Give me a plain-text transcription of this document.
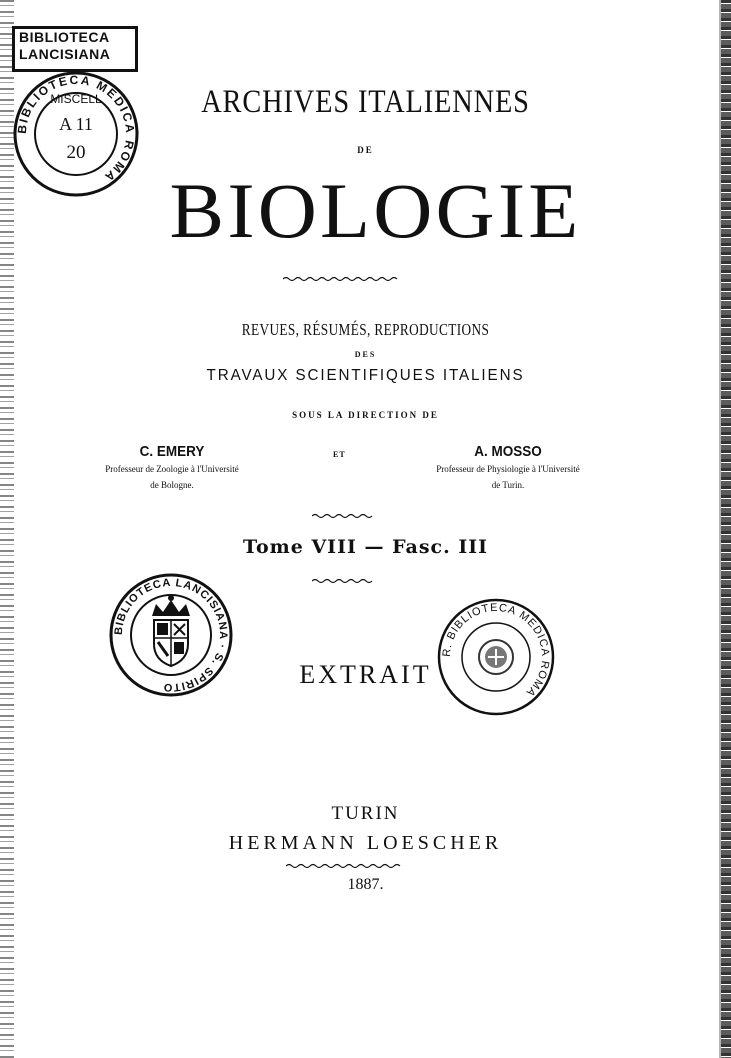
BIBLIOTECA
LANCISIANA
BIBLIOTECA MEDICA ROMA
MISCELL
A 11
20
ARCHIVES ITALIENNES
DE
BIOLOGIE
REVUES, RÉSUMÉS, REPRODUCTIONS
DES
TRAVAUX SCIENTIFIQUES ITALIENS
SOUS LA DIRECTION DE
C. EMERY
Professeur de Zoologie à l'Université
de Bologne.
ET	A. MOSSO
Professeur de Physiologie à l'Université
de Turin.
Tome VIII — Fasc. III
BIBLIOTECA LANCISIANA · S. SPIRITO	EXTRAIT
R. BIBLIOTECA MEDICA ROMA
TURIN
HERMANN LOESCHER
1887.
